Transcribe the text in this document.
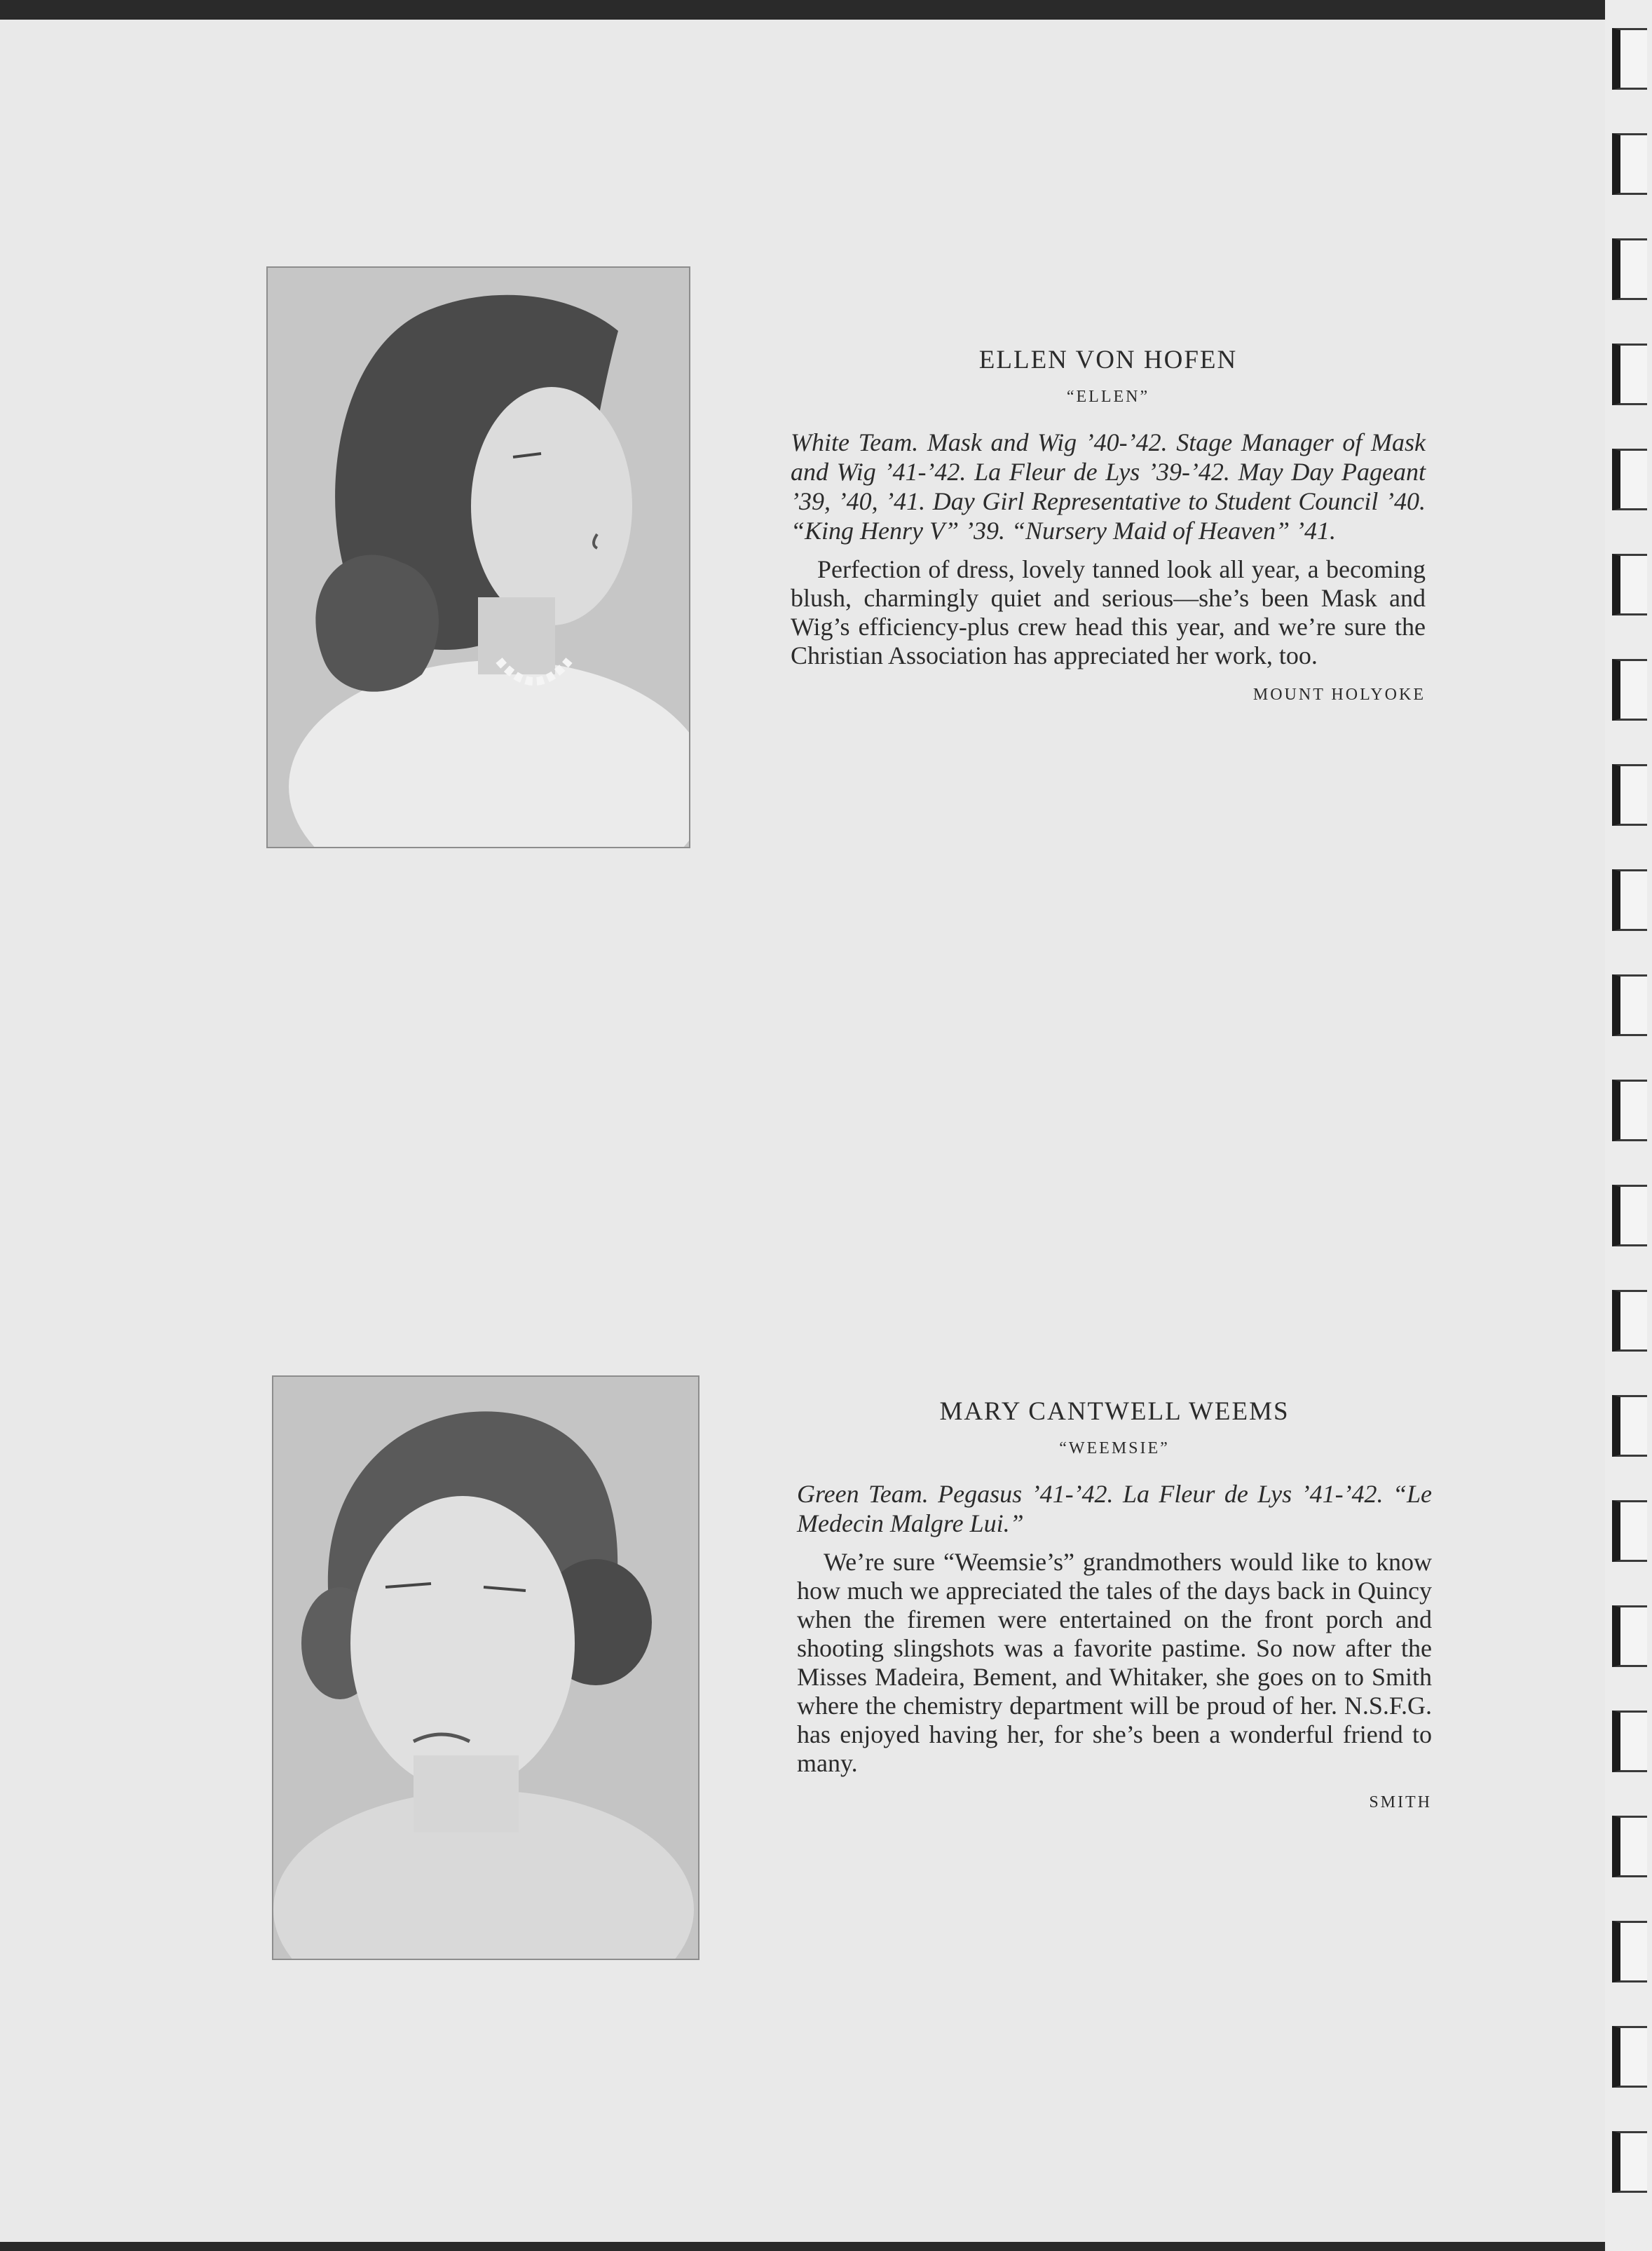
ELLEN VON HOFEN

“ELLEN”

White Team. Mask and Wig ’40-’42. Stage Manager of Mask and Wig ’41-’42. La Fleur de Lys ’39-’42. May Day Pageant ’39, ’40, ’41. Day Girl Representative to Student Council ’40. “King Henry V” ’39. “Nursery Maid of Heaven” ’41.

Perfection of dress, lovely tanned look all year, a becoming blush, charmingly quiet and serious—she’s been Mask and Wig’s efficiency-plus crew head this year, and we’re sure the Christian Association has appreciated her work, too.

MOUNT HOLYOKE

MARY CANTWELL WEEMS

“WEEMSIE”

Green Team. Pegasus ’41-’42. La Fleur de Lys ’41-’42. “Le Medecin Malgre Lui.”

We’re sure “Weemsie’s” grandmothers would like to know how much we appreciated the tales of the days back in Quincy when the firemen were entertained on the front porch and shooting slingshots was a favorite pastime. So now after the Misses Madeira, Bement, and Whitaker, she goes on to Smith where the chemistry department will be proud of her. N.S.F.G. has enjoyed having her, for she’s been a wonderful friend to many.

SMITH
